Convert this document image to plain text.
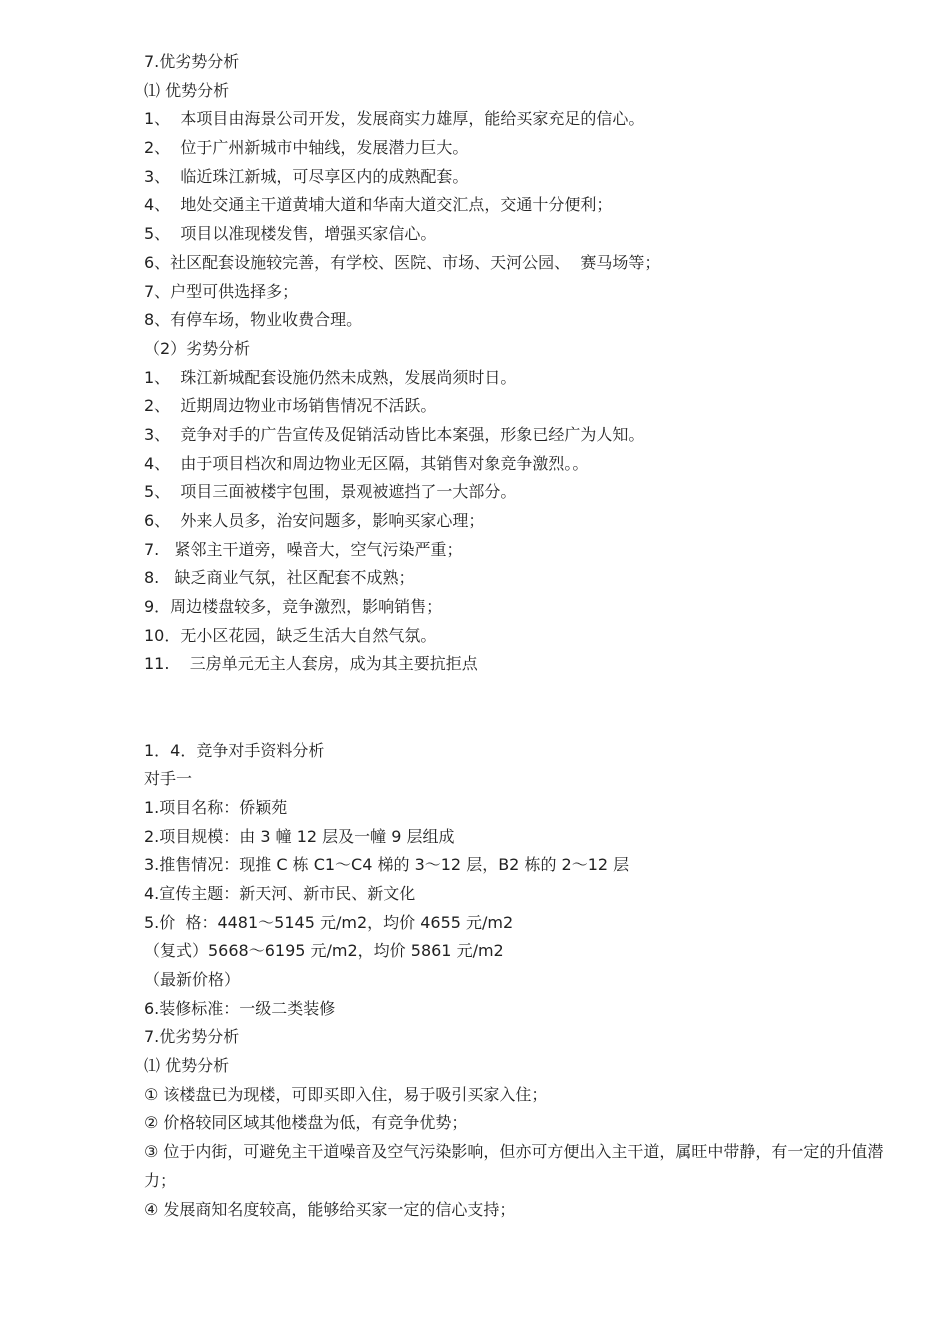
7.优劣势分析
⑴ 优势分析
1、  本项目由海景公司开发，发展商实力雄厚，能给买家充足的信心。
2、  位于广州新城市中轴线，发展潜力巨大。
3、  临近珠江新城，可尽享区内的成熟配套。
4、  地处交通主干道黄埔大道和华南大道交汇点，交通十分便利；
5、  项目以准现楼发售，增强买家信心。
6、社区配套设施较完善，有学校、医院、市场、天河公园、  赛马场等；
7、户型可供选择多；
8、有停车场，物业收费合理。
（2）劣势分析
1、  珠江新城配套设施仍然未成熟，发展尚须时日。
2、  近期周边物业市场销售情况不活跃。
3、  竞争对手的广告宣传及促销活动皆比本案强，形象已经广为人知。
4、  由于项目档次和周边物业无区隔，其销售对象竞争激烈。。
5、  项目三面被楼宇包围，景观被遮挡了一大部分。
6、  外来人员多，治安问题多，影响买家心理；
7.   紧邻主干道旁，噪音大，空气污染严重；
8.   缺乏商业气氛，社区配套不成熟；
9．周边楼盘较多，竞争激烈，影响销售；
10．无小区花园，缺乏生活大自然气氛。
11.    三房单元无主人套房，成为其主要抗拒点
1．4．竞争对手资料分析
对手一
1.项目名称：侨颖苑
2.项目规模：由 3 幢 12 层及一幢 9 层组成
3.推售情况：现推 C 栋 C1～C4 梯的 3～12 层，B2 栋的 2～12 层
4.宣传主题：新天河、新市民、新文化
5.价  格：4481～5145 元/m2，均价 4655 元/m2
（复式）5668～6195 元/m2，均价 5861 元/m2
（最新价格）
6.装修标准：一级二类装修
7.优劣势分析
⑴ 优势分析
① 该楼盘已为现楼，可即买即入住，易于吸引买家入住；
② 价格较同区域其他楼盘为低，有竞争优势；
③ 位于内街，可避免主干道噪音及空气污染影响，但亦可方便出入主干道，属旺中带静，有一定的升值潜力；
④ 发展商知名度较高，能够给买家一定的信心支持；
